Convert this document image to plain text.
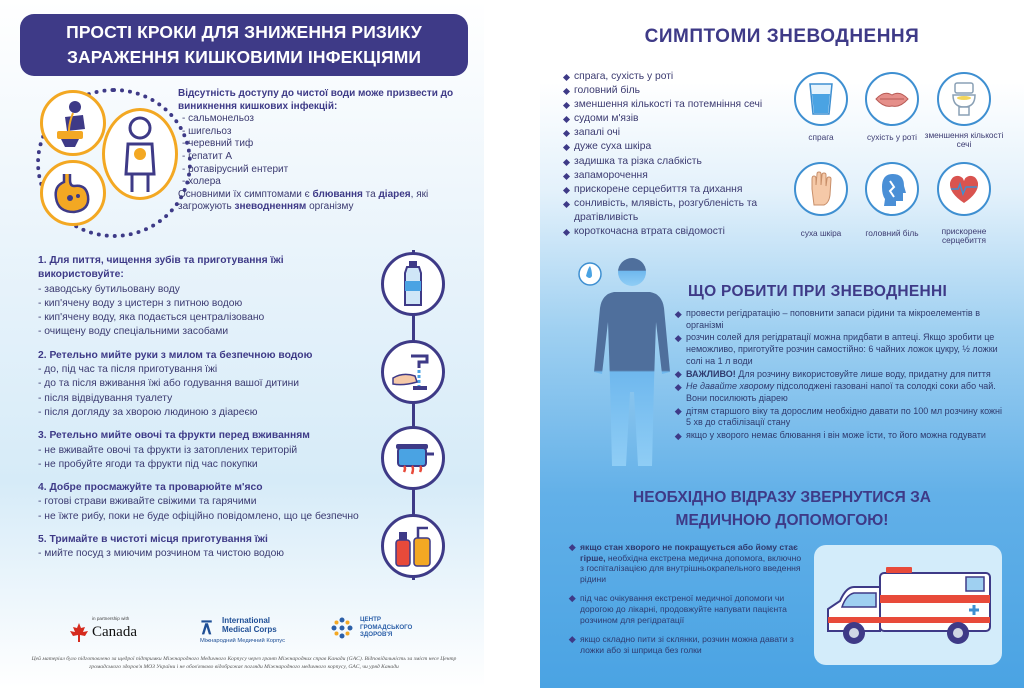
ПРОСТІ КРОКИ ДЛЯ ЗНИЖЕННЯ РИЗИКУ
ЗАРАЖЕННЯ КИШКОВИМИ ІНФЕКЦІЯМИ
Відсутність доступу до чистої води може призвести до виникнення кишкових інфекцій:
- сальмонельоз
- шигельоз
- черевний тиф
- гепатит А
- ротавірусний ентерит
- холера
Основними їх симптомами є блювання та діарея, які загрожують зневодненням організму
1. Для пиття, чищення зубів та приготування їжі використовуйте:
- заводську бутильовану воду
- кип'ячену воду з цистерн з питною водою
- кип'ячену воду, яка подається централізовано
- очищену воду спеціальними засобами
2. Ретельно мийте руки з милом та безпечною водою
- до, під час та після приготування їжі
- до та після вживання їжі або годування вашої дитини
- після відвідування туалету
- після догляду за хворою людиною з діареєю
3. Ретельно мийте овочі та фрукти перед вживанням
- не вживайте овочі та фрукти із затоплених територій
- не пробуйте ягоди та фрукти під час покупки
4. Добре просмажуйте та проварюйте м'ясо
- готові страви вживайте свіжими та гарячими
- не їжте рибу, поки не буде офіційно повідомлено, що це безпечно
5. Тримайте в чистоті місця приготування їжі
- мийте посуд з миючим розчином та чистою водою
in partnership with
Canada	⊼ International
Medical Corps
Міжнародний Медичний Корпус
ЦЕНТР
ГРОМАДСЬКОГО
ЗДОРОВ'Я
Цей матеріал було підготовлено за щедрої підтримки Міжнародного Медичного Корпусу через грант Міжнародних справ Канади (GAC). Відповідальність за зміст несе Центр громадського здоров'я МОЗ України і не обов'язково відображає погляди Міжнародного медичного корпусу, GAC, чи уряд Канади
СИМПТОМИ ЗНЕВОДНЕННЯ
спрага, сухість у роті
головний біль
зменшення кількості та потемніння сечі
судоми м'язів
запалі очі
дуже суха шкіра
задишка та різка слабкість
запаморочення
прискорене серцебиття та дихання
сонливість, млявість, розгубленість та дратівливість
короткочасна втрата свідомості
спрага	сухість у роті зменшення кількості сечі
суха шкіра	головний біль	прискорене серцебиття
ЩО РОБИТИ ПРИ ЗНЕВОДНЕННІ
провести регідратацію – поповнити запаси рідини та мікроелементів в організмі
розчин солей для регідратації можна придбати в аптеці. Якщо зробити це неможливо, приготуйте розчин самостійно: 6 чайних ложок цукру, ½ ложки солі на 1 л води
ВАЖЛИВО! Для розчину використовуйте лише воду, придатну для пиття
Не давайте хворому підсолоджені газовані напої та солодкі соки або чай. Вони посилюють діарею
дітям старшого віку та дорослим необхідно давати по 100 мл розчину кожні 5 хв до стабілізації стану
якщо у хворого немає блювання і він може їсти, то його можна годувати
НЕОБХІДНО ВІДРАЗУ ЗВЕРНУТИСЯ ЗА
МЕДИЧНОЮ ДОПОМОГОЮ!
якщо стан хворого не покращується або йому стає гірше, необхідна екстрена медична допомога, включно з госпіталізацією для внутрішньокрапельного введення рідини
під час очікування екстреної медичної допомоги чи дорогою до лікарні, продовжуйте напувати пацієнта розчином для регідратації
якщо складно пити зі склянки, розчин можна давати з ложки або зі шприца без голки
AMBULANCE
